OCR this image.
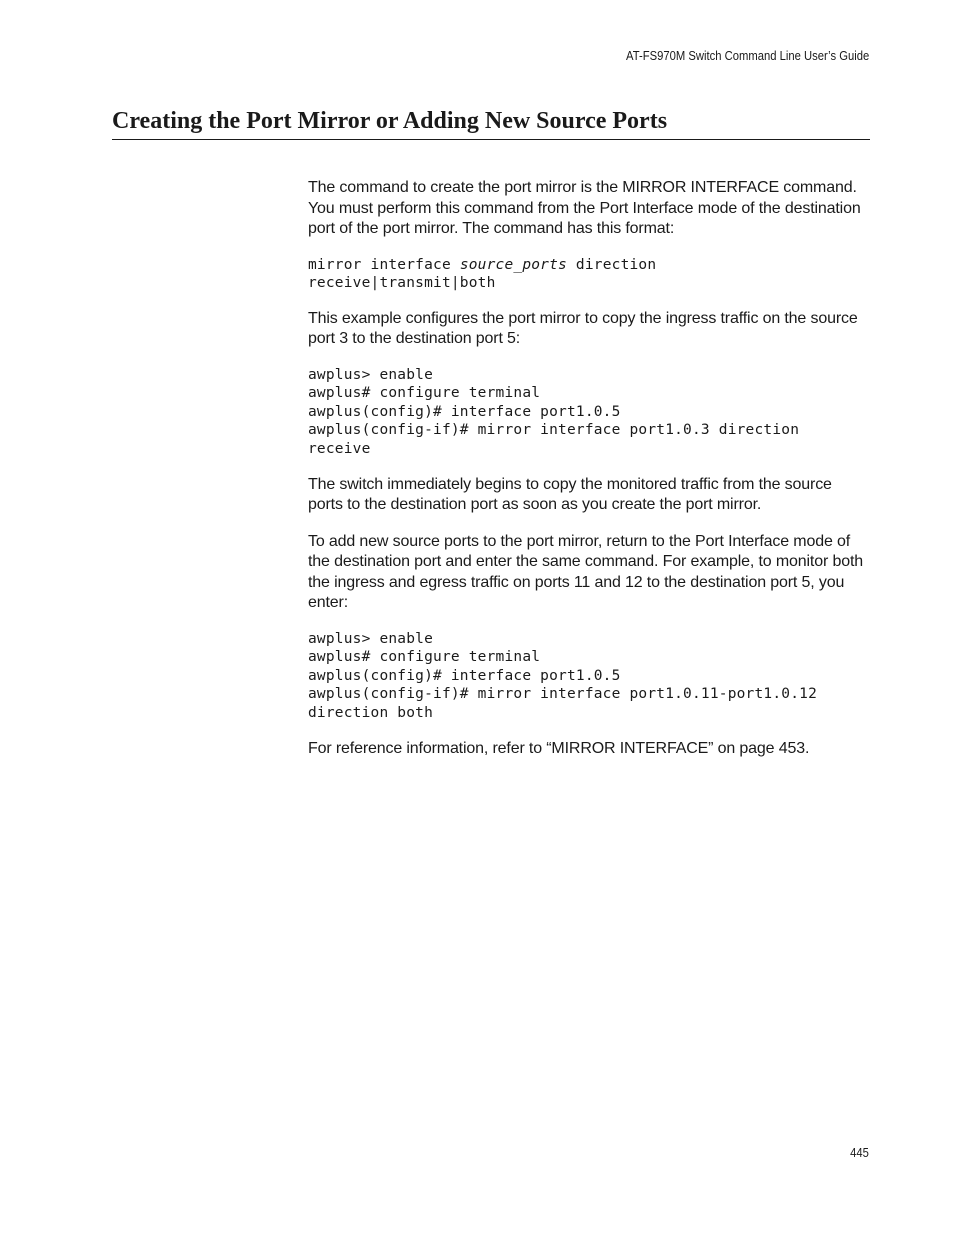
AT-FS970M Switch Command Line User’s Guide
Creating the Port Mirror or Adding New Source Ports

The command to create the port mirror is the MIRROR INTERFACE command. You must perform this command from the Port Interface mode of the destination port of the port mirror. The command has this format:

mirror interface source_ports direction
receive|transmit|both

This example configures the port mirror to copy the ingress traffic on the source port 3 to the destination port 5:

awplus> enable
awplus# configure terminal
awplus(config)# interface port1.0.5
awplus(config-if)# mirror interface port1.0.3 direction
receive

The switch immediately begins to copy the monitored traffic from the source ports to the destination port as soon as you create the port mirror.

To add new source ports to the port mirror, return to the Port Interface mode of the destination port and enter the same command. For example, to monitor both the ingress and egress traffic on ports 11 and 12 to the destination port 5, you enter:

awplus> enable
awplus# configure terminal
awplus(config)# interface port1.0.5
awplus(config-if)# mirror interface port1.0.11-port1.0.12
direction both

For reference information, refer to “MIRROR INTERFACE” on page 453.

445
